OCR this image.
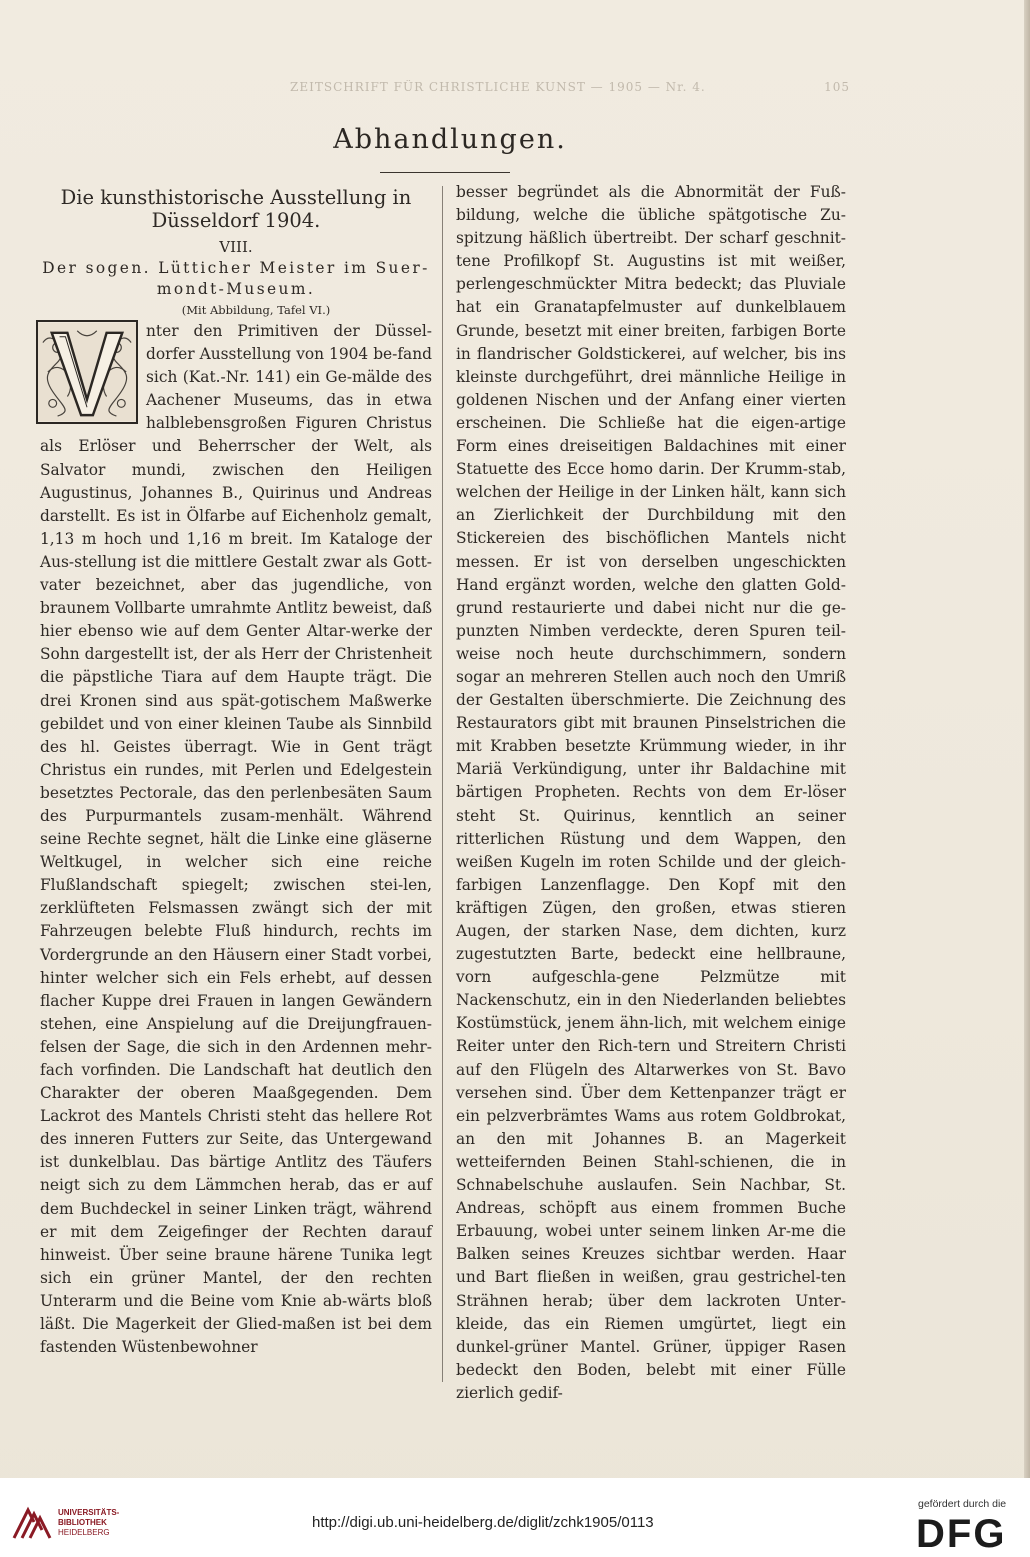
ZEITSCHRIFT FÜR CHRISTLICHE KUNST — 1905 — Nr. 4.	105
Abhandlungen.
Die kunsthistorische Ausstellung in
Düsseldorf 1904.
VIII.
Der sogen. Lütticher Meister im Suer-
mondt-Museum.
(Mit Abbildung, Tafel VI.)

nter den Primitiven der Düssel-dorfer Ausstellung von 1904 be-fand sich (Kat.-Nr. 141) ein Ge-mälde des Aachener Museums, das in etwa halblebensgroßen Figuren Christus als Erlöser und Beherrscher der Welt, als Salvator mundi, zwischen den Heiligen Augustinus, Johannes B., Quirinus und Andreas darstellt. Es ist in Ölfarbe auf Eichenholz gemalt, 1,13 m hoch und 1,16 m breit. Im Kataloge der Aus-stellung ist die mittlere Gestalt zwar als Gott-vater bezeichnet, aber das jugendliche, von braunem Vollbarte umrahmte Antlitz beweist, daß hier ebenso wie auf dem Genter Altar-werke der Sohn dargestellt ist, der als Herr der Christenheit die päpstliche Tiara auf dem Haupte trägt. Die drei Kronen sind aus spät-gotischem Maßwerke gebildet und von einer kleinen Taube als Sinnbild des hl. Geistes überragt. Wie in Gent trägt Christus ein rundes, mit Perlen und Edelgestein besetztes Pectorale, das den perlenbesäten Saum des Purpurmantels zusam-menhält. Während seine Rechte segnet, hält die Linke eine gläserne Weltkugel, in welcher sich eine reiche Flußlandschaft spiegelt; zwischen stei-len, zerklüfteten Felsmassen zwängt sich der mit Fahrzeugen belebte Fluß hindurch, rechts im Vordergrunde an den Häusern einer Stadt vorbei, hinter welcher sich ein Fels erhebt, auf dessen flacher Kuppe drei Frauen in langen Gewändern stehen, eine Anspielung auf die Dreijungfrauen-felsen der Sage, die sich in den Ardennen mehr-fach vorfinden. Die Landschaft hat deutlich den Charakter der oberen Maaßgegenden. Dem Lackrot des Mantels Christi steht das hellere Rot des inneren Futters zur Seite, das Untergewand ist dunkelblau. Das bärtige Antlitz des Täufers neigt sich zu dem Lämmchen herab, das er auf dem Buchdeckel in seiner Linken trägt, während er mit dem Zeigefinger der Rechten darauf hinweist. Über seine braune härene Tunika legt sich ein grüner Mantel, der den rechten Unterarm und die Beine vom Knie ab-wärts bloß läßt. Die Magerkeit der Glied-maßen ist bei dem fastenden Wüstenbewohner

besser begründet als die Abnormität der Fuß-bildung, welche die übliche spätgotische Zu-spitzung häßlich übertreibt. Der scharf geschnit-tene Profilkopf St. Augustins ist mit weißer, perlengeschmückter Mitra bedeckt; das Pluviale hat ein Granatapfelmuster auf dunkelblauem Grunde, besetzt mit einer breiten, farbigen Borte in flandrischer Goldstickerei, auf welcher, bis ins kleinste durchgeführt, drei männliche Heilige in goldenen Nischen und der Anfang einer vierten erscheinen. Die Schließe hat die eigen-artige Form eines dreiseitigen Baldachines mit einer Statuette des Ecce homo darin. Der Krumm-stab, welchen der Heilige in der Linken hält, kann sich an Zierlichkeit der Durchbildung mit den Stickereien des bischöflichen Mantels nicht messen. Er ist von derselben ungeschickten Hand ergänzt worden, welche den glatten Gold-grund restaurierte und dabei nicht nur die ge-punzten Nimben verdeckte, deren Spuren teil-weise noch heute durchschimmern, sondern sogar an mehreren Stellen auch noch den Umriß der Gestalten überschmierte. Die Zeichnung des Restaurators gibt mit braunen Pinselstrichen die mit Krabben besetzte Krümmung wieder, in ihr Mariä Verkündigung, unter ihr Baldachine mit bärtigen Propheten. Rechts von dem Er-löser steht St. Quirinus, kenntlich an seiner ritterlichen Rüstung und dem Wappen, den weißen Kugeln im roten Schilde und der gleich-farbigen Lanzenflagge. Den Kopf mit den kräftigen Zügen, den großen, etwas stieren Augen, der starken Nase, dem dichten, kurz zugestutzten Barte, bedeckt eine hellbraune, vorn aufgeschla-gene Pelzmütze mit Nackenschutz, ein in den Niederlanden beliebtes Kostümstück, jenem ähn-lich, mit welchem einige Reiter unter den Rich-tern und Streitern Christi auf den Flügeln des Altarwerkes von St. Bavo versehen sind. Über dem Kettenpanzer trägt er ein pelzverbrämtes Wams aus rotem Goldbrokat, an den mit Johannes B. an Magerkeit wetteifernden Beinen Stahl-schienen, die in Schnabelschuhe auslaufen. Sein Nachbar, St. Andreas, schöpft aus einem frommen Buche Erbauung, wobei unter seinem linken Ar-me die Balken seines Kreuzes sichtbar werden. Haar und Bart fließen in weißen, grau gestrichel-ten Strähnen herab; über dem lackroten Unter-kleide, das ein Riemen umgürtet, liegt ein dunkel-grüner Mantel. Grüner, üppiger Rasen bedeckt den Boden, belebt mit einer Fülle zierlich gedif-

UNIVERSITÄTS-
BIBLIOTHEK
HEIDELBERG
http://digi.ub.uni-heidelberg.de/diglit/zchk1905/0113
gefördert durch die
DFG
